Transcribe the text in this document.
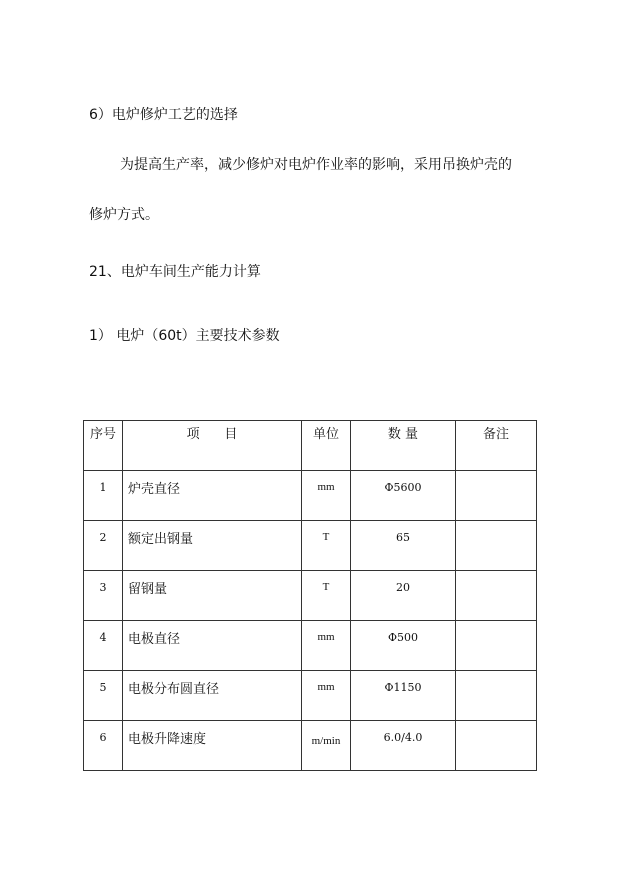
6）电炉修炉工艺的选择
为提高生产率，减少修炉对电炉作业率的影响，采用吊换炉壳的
修炉方式。
21、电炉车间生产能力计算
1） 电炉（60t）主要技术参数
序号	项      目	单位	数 量	备注

1	炉壳直径	mm	Φ5600	

2	额定出钢量	T	65	

3	留钢量	T	20	

4	电极直径	mm	Φ500	

5	电极分布圆直径	mm	Φ1150	

6	电极升降速度	m/min	6.0/4.0	
